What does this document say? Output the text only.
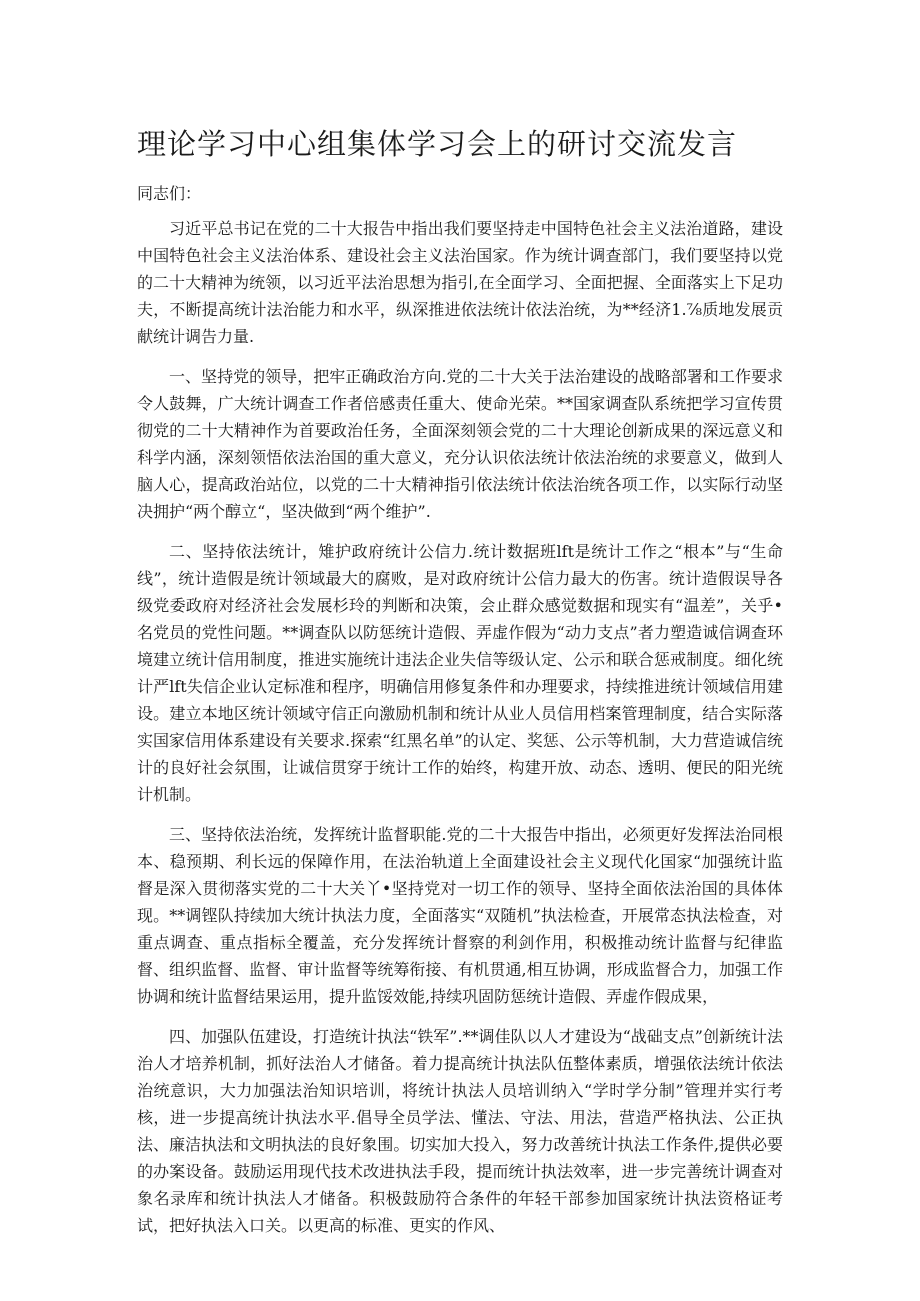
理论学习中心组集体学习会上的研讨交流发言

同志们：

习近平总书记在党的二十大报告中指出我们要坚持走中国特色社会主义法治道路，建设中国特色社会主义法治体系、建设社会主义法治国家。作为统计调查部门，我们要坚持以党的二十大精神为统领，以习近平法治思想为指引,在全面学习、全面把握、全面落实上下足功夫，不断提高统计法治能力和水平，纵深推进依法统计依法治统，为**经济1.⅞质地发展贡献统计调告力量.

一、坚持党的领导，把牢正确政治方向.党的二十大关于法治建设的战略部署和工作要求令人鼓舞，广大统计调查工作者倍感责任重大、使命光荣。**国家调查队系统把学习宣传贯彻党的二十大精神作为首要政治任务，全面深刻领会党的二十大理论创新成果的深远意义和科学内涵，深刻领悟依法治国的重大意义，充分认识依法统计依法治统的求要意义，做到人脑人心，提高政治站位，以党的二十大精神指引依法统计依法治统各项工作，以实际行动坚决拥护“两个醇立“，坚决做到“两个维护”.

二、坚持依法统计，雉护政府统计公信力.统计数据班lft是统计工作之“根本”与“生命线”，统计造假是统计领域最大的腐败，是对政府统计公信力最大的伤害。统计造假误导各级党委政府对经济社会发展杉玲的判断和决策，会止群众感觉数据和现实有“温差”，关乎•名党员的党性问题。**调查队以防惩统计造假、弄虚作假为“动力支点”者力塑造诚信调查环境建立统计信用制度，推进实施统计违法企业失信等级认定、公示和联合惩戒制度。细化统计严lft失信企业认定标准和程序，明确信用修复条件和办理要求，持续推进统计领域信用建设。建立本地区统计领域守信正向激励机制和统计从业人员信用档案管理制度，结合实际落实国家信用体系建设有关要求.探索“红黑名单”的认定、奖惩、公示等机制，大力营造诚信统计的良好社会氛围，让诚信贯穿于统计工作的始终，构建开放、动态、透明、便民的阳光统计机制。

三、坚持依法治统，发挥统计监督职能.党的二十大报告中指出，必须更好发挥法治同根本、稳预期、利长远的保障作用，在法治轨道上全面建设社会主义现代化国家“加强统计监督是深入贯彻落实党的二十大关丫•坚持党对一切工作的领导、坚持全面依法治国的具体体现。**调铿队持续加大统计执法力度，全面落实“双随机”执法检查，开展常态执法检查，对重点调查、重点指标全覆盖，充分发挥统计督察的利剑作用，积极推动统计监督与纪律监督、组织监督、监督、审计监督等统筹衔接、有机贯通,相互协调，形成监督合力，加强工作协调和统计监督结果运用，提升监馁效能,持续巩固防惩统计造假、弄虚作假成果，

四、加强队伍建设，打造统计执法“铁军”.**调佳队以人才建设为“战础支点”创新统计法治人才培养机制，抓好法治人才储备。着力提高统计执法队伍整体素质，增强依法统计依法治统意识，大力加强法治知识培训，将统计执法人员培训纳入“学时学分制”管理并实行考核，进一步提高统计执法水平.倡导全员学法、懂法、守法、用法，营造严格执法、公正执法、廉洁执法和文明执法的良好象围。切实加大投入，努力改善统计执法工作条件,提供必要的办案设备。鼓励运用现代技术改进执法手段，提而统计执法效率，进一步完善统计调查对象名录库和统计执法人才储备。积极鼓励符合条件的年轻干部参加国家统计执法资格证考试，把好执法入口关。以更高的标准、更实的作风、
